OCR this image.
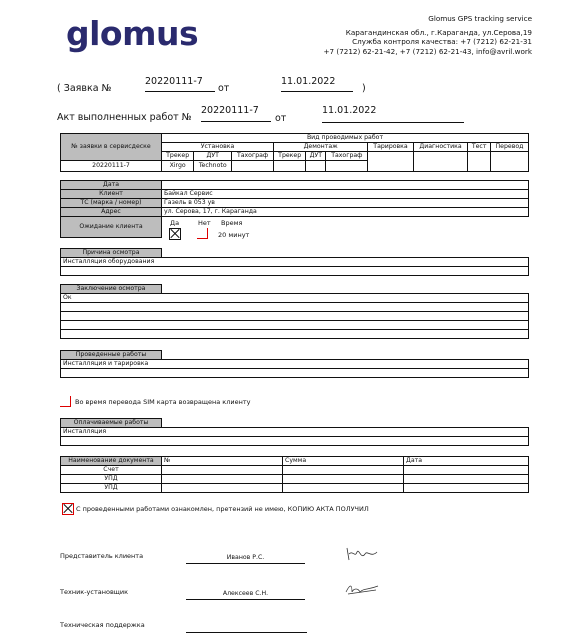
glomus	Glomus GPS tracking service
Карагандинская обл., г.Караганда, ул.Серова,19
Служба контроля качества: +7 (7212) 62-21-31
+7 (7212) 62-21-42, +7 (7212) 62-21-43, info@avril.work
( Заявка №
20220111-7
от
11.01.2022
)
Акт выполненных работ №
20220111-7
от
11.01.2022
№ заявки в сервисдеске	Вид проводимых работ									
	Установка			Демонтаж			Тарировка	Диагностика	Тест	Перевод
	Трекер	ДУТ	Тахограф	Трекер	ДУТ	Тахограф				
20220111-7	Xirgo	Technoto								
Дата	
Клиент	Байкал Сервис
ТС (марка / номер)	Газель в 053 ув
Адрес	ул. Серова, 17, г. Караганда
Ожидание клиента		Да	Нет Время
20 минут
Причина осмотра	
Инсталляция оборудования

Заключение осмотра	
Ок

Проведенные работы	
Инсталляция и тарировка

Во время перевода SIM карта возвращена клиенту
Оплачиваемые работы	
Инсталляция

Наименование документа	№	Сумма	Дата
Счет			
УПД			
УПД			
С проведенными работами ознакомлен, претензий не имею, КОПИЮ АКТА ПОЛУЧИЛ
Представитель клиента	Иванов Р.С.
Техник-установщик	Алексеев С.Н.
Техническая поддержка
